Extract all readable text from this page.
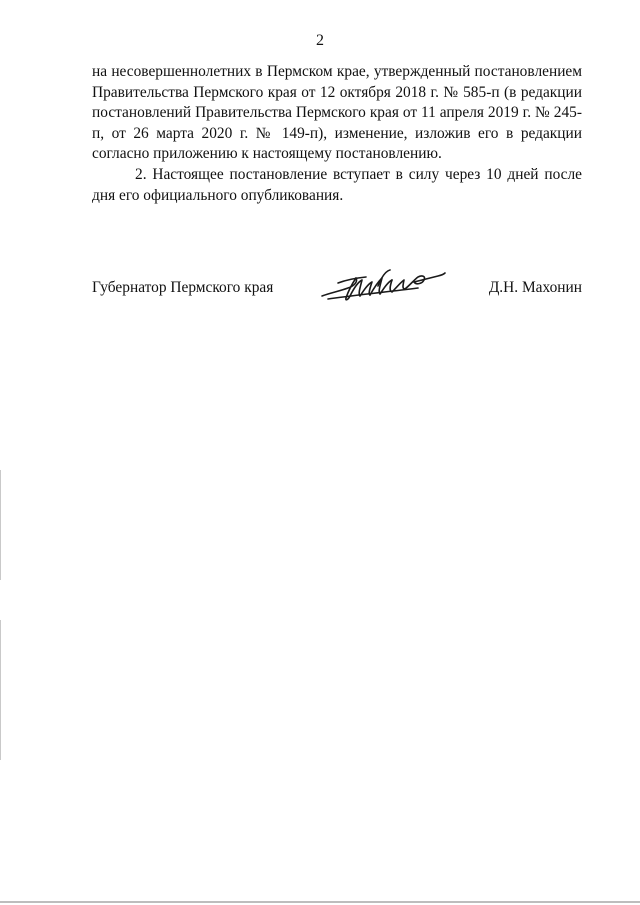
2

на несовершеннолетних в Пермском крае, утвержденный постановлением Правительства Пермского края от 12 октября 2018 г. № 585-п (в редакции постановлений Правительства Пермского края от 11 апреля 2019 г. № 245-п, от 26 марта 2020 г. № 149-п), изменение, изложив его в редакции согласно приложению к настоящему постановлению.

2. Настоящее постановление вступает в силу через 10 дней после дня его официального опубликования.

Губернатор Пермского края	Д.Н. Махонин
